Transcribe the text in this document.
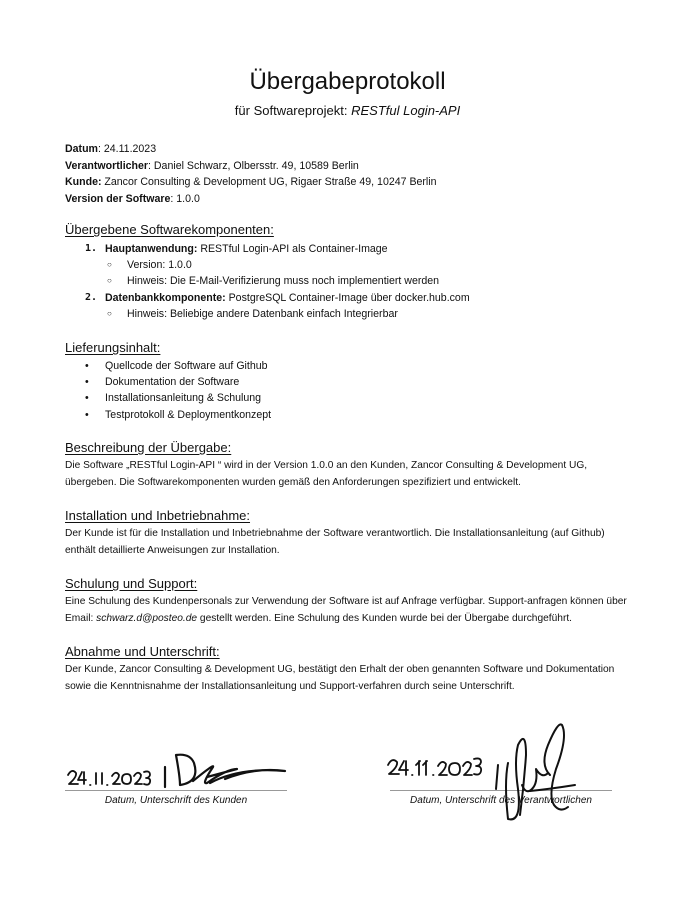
Übergabeprotokoll
für Softwareprojekt: RESTful Login-API
Datum: 24.11.2023
Verantwortlicher: Daniel Schwarz, Olbersstr. 49, 10589 Berlin
Kunde: Zancor Consulting & Development UG, Rigaer Straße 49, 10247 Berlin
Version der Software: 1.0.0
Übergebene Softwarekomponenten:
1. Hauptanwendung: RESTful Login-API als Container-Image
○ Version: 1.0.0
○ Hinweis: Die E-Mail-Verifizierung muss noch implementiert werden
2. Datenbankkomponente: PostgreSQL Container-Image über docker.hub.com
○ Hinweis: Beliebige andere Datenbank einfach Integrierbar
Lieferungsinhalt:
• Quellcode der Software auf Github
• Dokumentation der Software
• Installationsanleitung & Schulung
• Testprotokoll & Deploymentkonzept
Beschreibung der Übergabe:
Die Software „RESTful Login-API “ wird in der Version 1.0.0 an den Kunden, Zancor Consulting & Development UG, übergeben. Die Softwarekomponenten wurden gemäß den Anforderungen spezifiziert und entwickelt.
Installation und Inbetriebnahme:
Der Kunde ist für die Installation und Inbetriebnahme der Software verantwortlich. Die Installationsanleitung (auf Github) enthält detaillierte Anweisungen zur Installation.
Schulung und Support:
Eine Schulung des Kundenpersonals zur Verwendung der Software ist auf Anfrage verfügbar. Support-anfragen können über Email: schwarz.d@posteo.de gestellt werden. Eine Schulung des Kunden wurde bei der Übergabe durchgeführt.
Abnahme und Unterschrift:
Der Kunde, Zancor Consulting & Development UG, bestätigt den Erhalt der oben genannten Software und Dokumentation sowie die Kenntnisnahme der Installationsanleitung und Support-verfahren durch seine Unterschrift.
Datum, Unterschrift des Kunden	Datum, Unterschrift des Verantwortlichen
